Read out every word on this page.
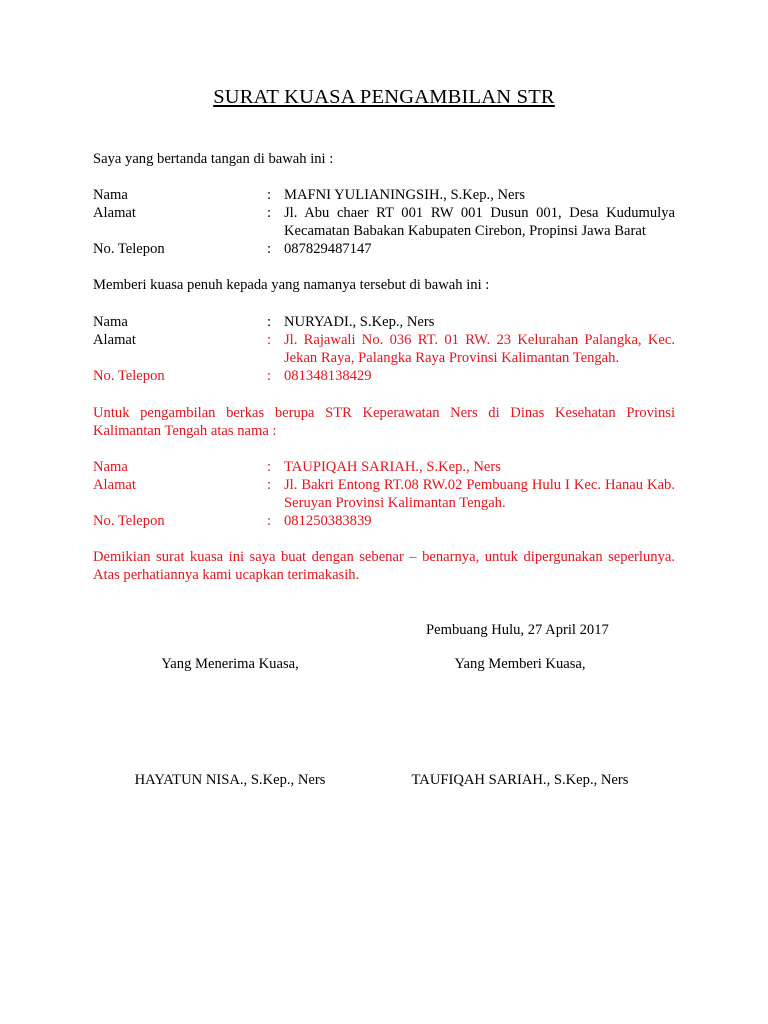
SURAT KUASA PENGAMBILAN STR
Saya yang bertanda tangan di bawah ini :
Nama	: MAFNI YULIANINGSIH., S.Kep., Ners
Alamat	: Jl. Abu chaer RT 001 RW 001 Dusun 001, Desa Kudumulya Kecamatan Babakan Kabupaten Cirebon, Propinsi Jawa Barat
No. Telepon	: 087829487147
Memberi kuasa penuh kepada yang namanya tersebut di bawah ini :
Nama	: NURYADI., S.Kep., Ners
Alamat	: Jl. Rajawali No. 036 RT. 01 RW. 23 Kelurahan Palangka, Kec. Jekan Raya, Palangka Raya Provinsi Kalimantan Tengah.
No. Telepon	: 081348138429
Untuk pengambilan berkas berupa STR Keperawatan Ners di Dinas Kesehatan Provinsi Kalimantan Tengah atas nama :
Nama	: TAUPIQAH SARIAH., S.Kep., Ners
Alamat	: Jl. Bakri Entong RT.08 RW.02 Pembuang Hulu I Kec. Hanau Kab. Seruyan Provinsi Kalimantan Tengah.
No. Telepon	: 081250383839
Demikian surat kuasa ini saya buat dengan sebenar – benarnya, untuk dipergunakan seperlunya. Atas perhatiannya kami ucapkan terimakasih.
Pembuang Hulu, 27 April 2017
Yang Menerima Kuasa,	Yang Memberi Kuasa,
HAYATUN NISA., S.Kep., Ners	TAUFIQAH SARIAH., S.Kep., Ners
